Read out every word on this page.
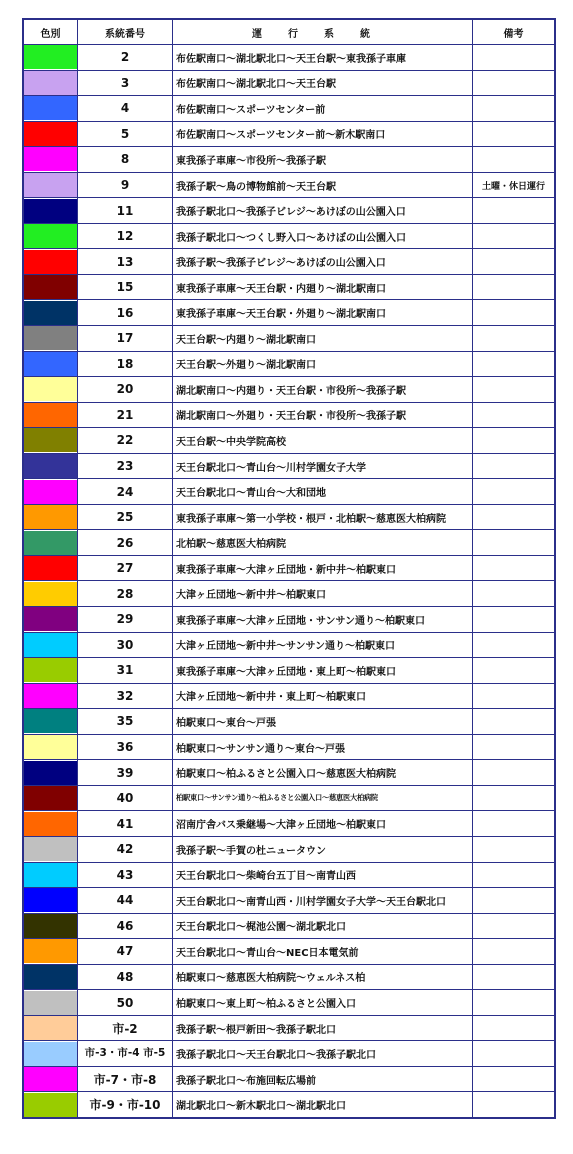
色別	系統番号	運行系統	備考

	2	布佐駅南口～湖北駅北口～天王台駅～東我孫子車庫	

	3	布佐駅南口～湖北駅北口～天王台駅	

	4	布佐駅南口～スポーツセンター前	

	5	布佐駅南口～スポーツセンター前～新木駅南口	

	8	東我孫子車庫～市役所～我孫子駅	

	9	我孫子駅～鳥の博物館前～天王台駅	土曜・休日運行

	11	我孫子駅北口～我孫子ビレジ～あけぼの山公園入口	

	12	我孫子駅北口～つくし野入口～あけぼの山公園入口	

	13	我孫子駅～我孫子ビレジ～あけぼの山公園入口	

	15	東我孫子車庫～天王台駅・内廻り～湖北駅南口	

	16	東我孫子車庫～天王台駅・外廻り～湖北駅南口	

	17	天王台駅～内廻り～湖北駅南口	

	18	天王台駅～外廻り～湖北駅南口	

	20	湖北駅南口～内廻り・天王台駅・市役所～我孫子駅	

	21	湖北駅南口～外廻り・天王台駅・市役所～我孫子駅	

	22	天王台駅～中央学院高校	

	23	天王台駅北口～青山台～川村学園女子大学	

	24	天王台駅北口～青山台～大和団地	

	25	東我孫子車庫～第一小学校・根戸・北柏駅～慈恵医大柏病院	

	26	北柏駅～慈恵医大柏病院	

	27	東我孫子車庫～大津ヶ丘団地・新中井～柏駅東口	

	28	大津ヶ丘団地～新中井～柏駅東口	

	29	東我孫子車庫～大津ヶ丘団地・サンサン通り～柏駅東口	

	30	大津ヶ丘団地～新中井～サンサン通り～柏駅東口	

	31	東我孫子車庫～大津ヶ丘団地・東上町～柏駅東口	

	32	大津ヶ丘団地～新中井・東上町～柏駅東口	

	35	柏駅東口～東台～戸張	

	36	柏駅東口～サンサン通り～東台～戸張	

	39	柏駅東口～柏ふるさと公園入口～慈恵医大柏病院	

	40	柏駅東口～サンサン通り～柏ふるさと公園入口～慈恵医大柏病院	

	41	沼南庁舎バス乗継場～大津ヶ丘団地～柏駅東口	

	42	我孫子駅～手賀の杜ニュータウン	

	43	天王台駅北口～柴崎台五丁目～南青山西	

	44	天王台駅北口～南青山西・川村学園女子大学～天王台駅北口	

	46	天王台駅北口～梶池公園～湖北駅北口	

	47	天王台駅北口～青山台～NEC日本電気前	

	48	柏駅東口～慈恵医大柏病院～ウェルネス柏	

	50	柏駅東口～東上町～柏ふるさと公園入口	

	市-2	我孫子駅～根戸新田～我孫子駅北口	

	市-3・市-4 市-5	我孫子駅北口～天王台駅北口～我孫子駅北口	

	市-7・市-8	我孫子駅北口～布施回転広場前	

	市-9・市-10	湖北駅北口～新木駅北口～湖北駅北口	
